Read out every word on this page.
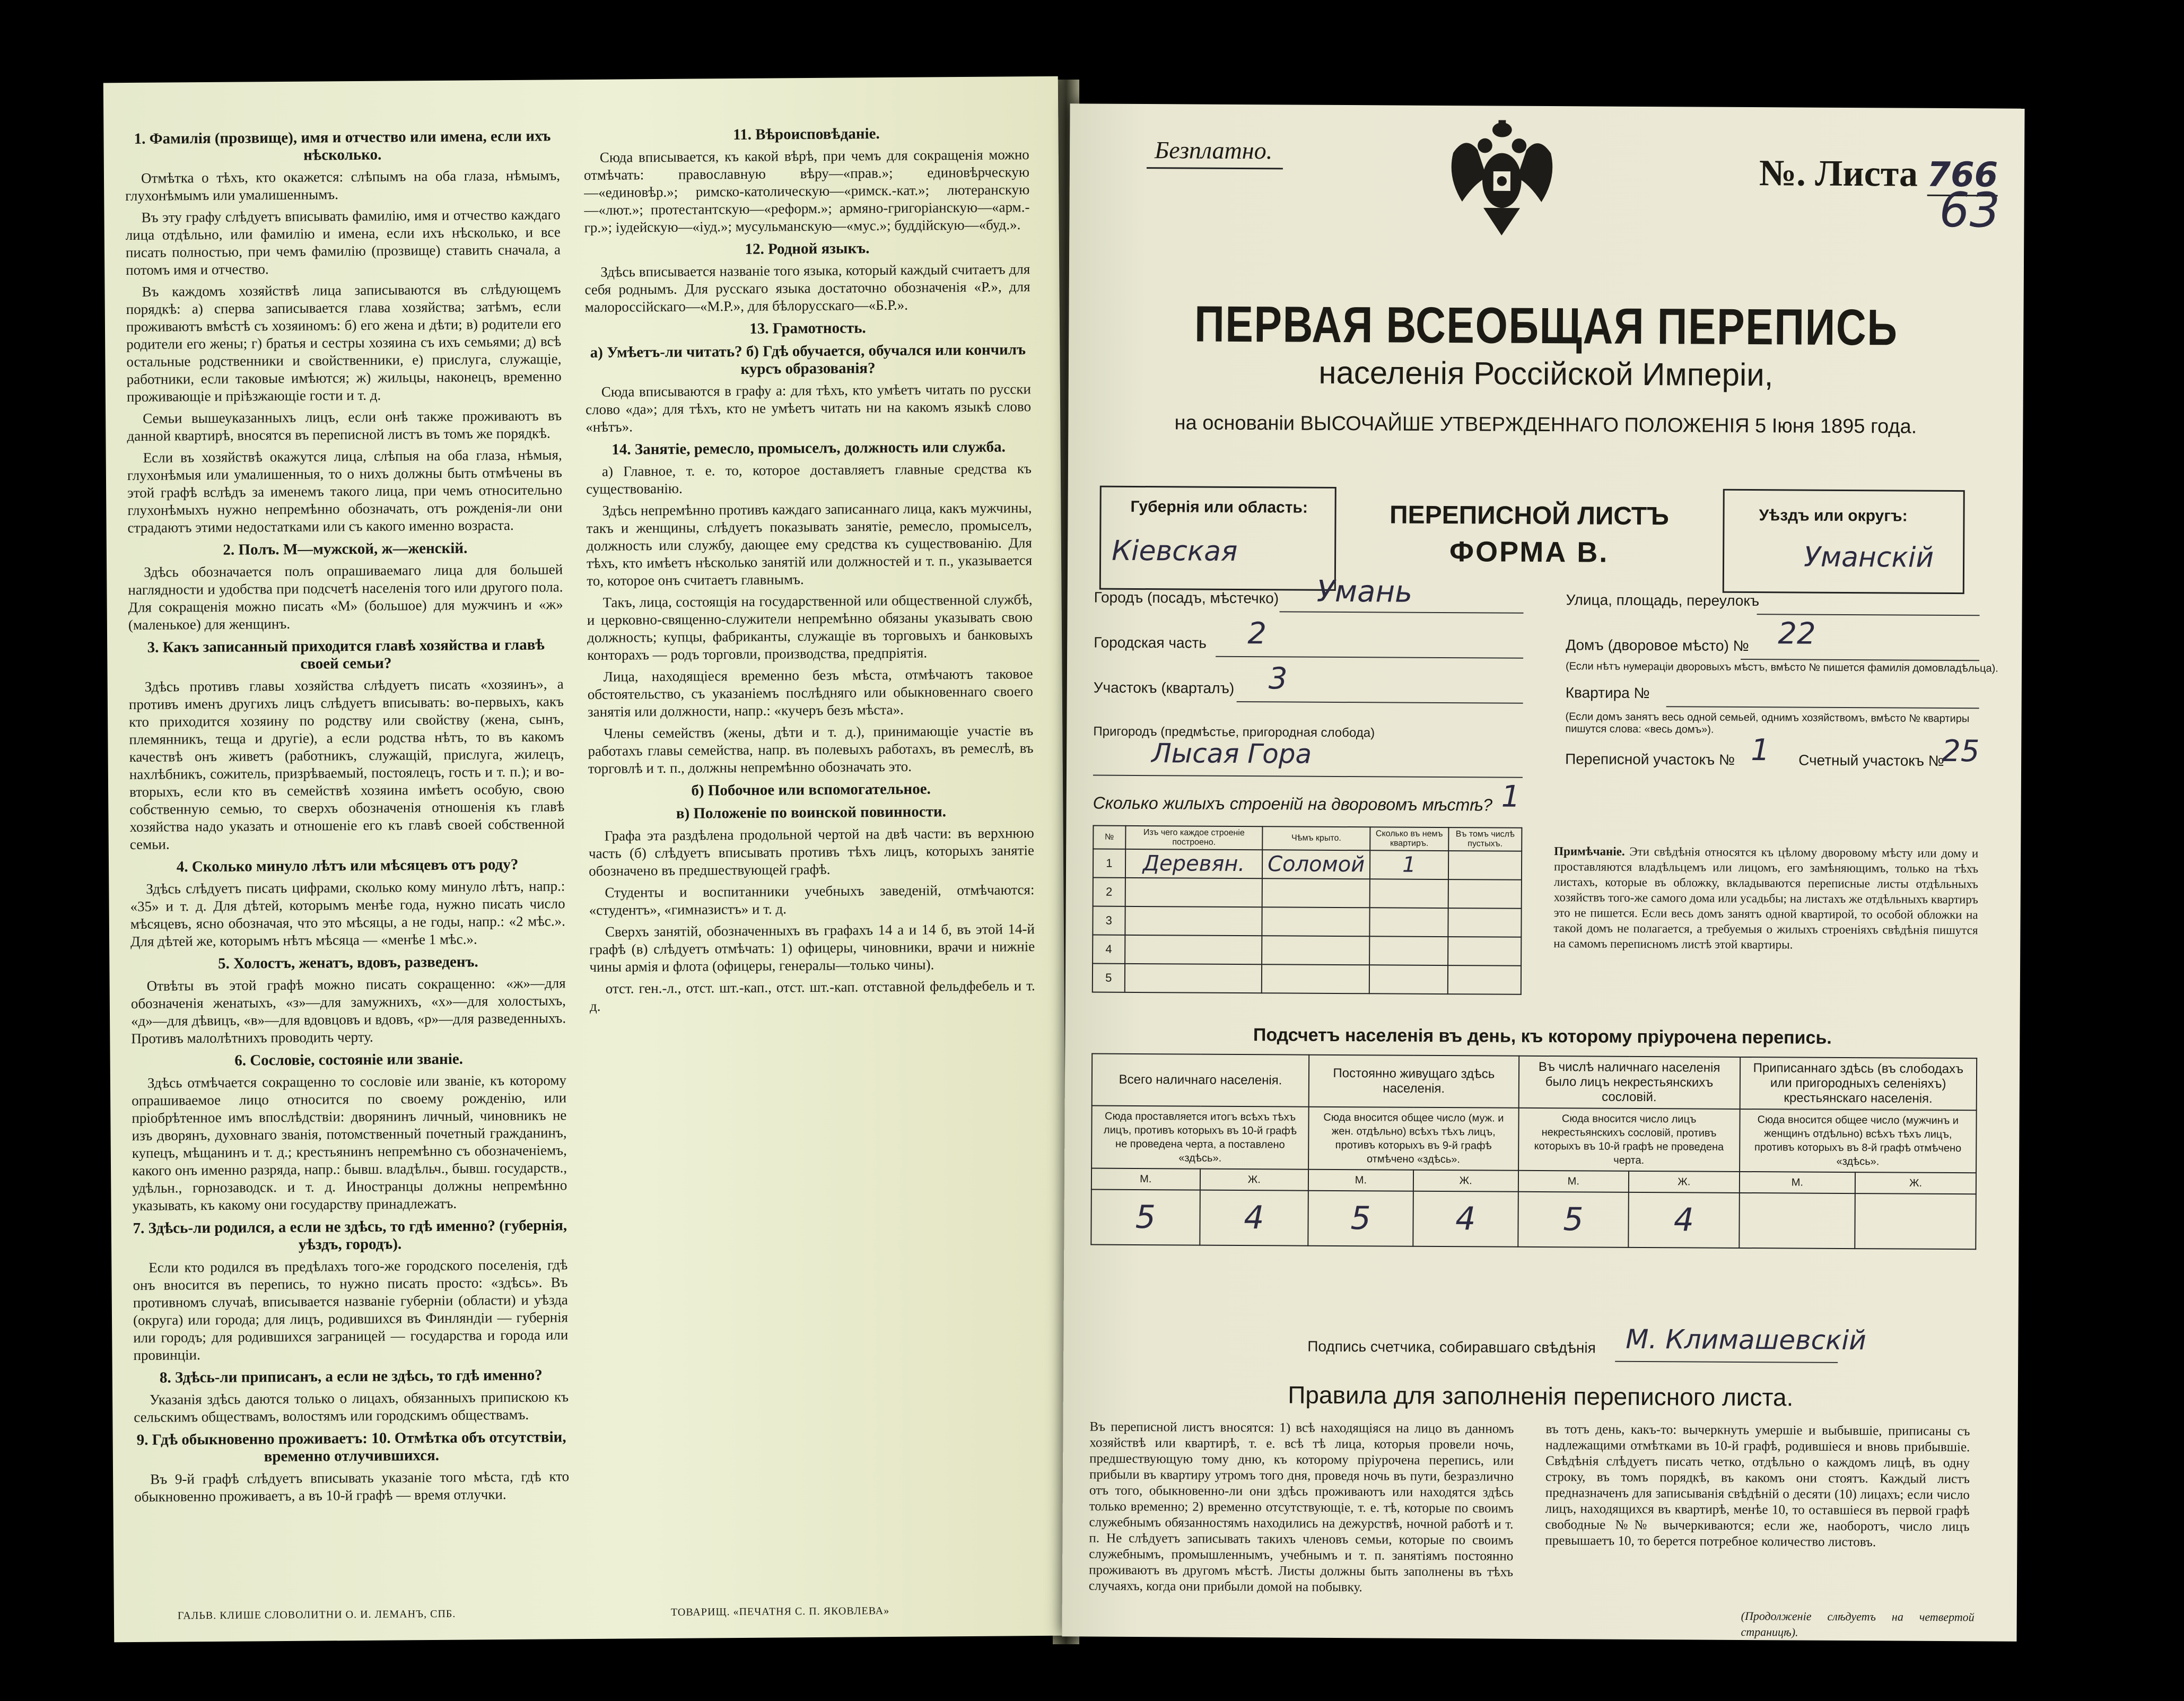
1. Фамилія (прозвище), имя и отчество или имена, если ихъ нѣсколько.

Отмѣтка о тѣхъ, кто окажется: слѣпымъ на оба глаза, нѣмымъ, глухонѣмымъ или умалишеннымъ.

Въ эту графу слѣдуетъ вписывать фамилію, имя и отчество каждаго лица отдѣльно, или фамилію и имена, если ихъ нѣсколько, и все писать полностью, при чемъ фамилію (прозвище) ставить сначала, а потомъ имя и отчество.

Въ каждомъ хозяйствѣ лица записываются въ слѣдующемъ порядкѣ: а) сперва записывается глава хозяйства; затѣмъ, если проживаютъ вмѣстѣ съ хозяиномъ: б) его жена и дѣти; в) родители его родители его жены; г) братья и сестры хозяина съ ихъ семьями; д) всѣ остальные родственники и свойственники, е) прислуга, служащіе, работники, если таковые имѣются; ж) жильцы, наконецъ, временно проживающіе и пріѣзжающіе гости и т. д.

Семьи вышеуказанныхъ лицъ, если онѣ также проживаютъ въ данной квартирѣ, вносятся въ переписной листъ въ томъ же порядкѣ.

Если въ хозяйствѣ окажутся лица, слѣпыя на оба глаза, нѣмыя, глухонѣмыя или умалишенныя, то о нихъ должны быть отмѣчены въ этой графѣ вслѣдъ за именемъ такого лица, при чемъ относительно глухонѣмыхъ нужно непремѣнно обозначать, отъ рожденія-ли они страдаютъ этими недостатками или съ какого именно возраста.

2. Полъ. М—мужской, ж—женскій.

Здѣсь обозначается полъ опрашиваемаго лица для большей наглядности и удобства при подсчетѣ населенія того или другого пола. Для сокращенія можно писать «М» (большое) для мужчинъ и «ж» (маленькое) для женщинъ.

3. Какъ записанный приходится главѣ хозяйства и главѣ своей семьи?

Здѣсь противъ главы хозяйства слѣдуетъ писать «хозяинъ», а противъ именъ другихъ лицъ слѣдуетъ вписывать: во-первыхъ, какъ кто приходится хозяину по родству или свойству (жена, сынъ, племянникъ, теща и другіе), а если родства нѣтъ, то въ какомъ качествѣ онъ живетъ (работникъ, служащій, прислуга, жилецъ, нахлѣбникъ, сожитель, призрѣваемый, постоялецъ, гость и т. п.); и во-вторыхъ, если кто въ семействѣ хозяина имѣетъ особую, свою собственную семью, то сверхъ обозначенія отношенія къ главѣ хозяйства надо указать и отношеніе его къ главѣ своей собственной семьи.

4. Сколько минуло лѣтъ или мѣсяцевъ отъ роду?

Здѣсь слѣдуетъ писать цифрами, сколько кому минуло лѣтъ, напр.: «35» и т. д. Для дѣтей, которымъ менѣе года, нужно писать число мѣсяцевъ, ясно обозначая, что это мѣсяцы, а не годы, напр.: «2 мѣс.». Для дѣтей же, которымъ нѣтъ мѣсяца — «менѣе 1 мѣс.».

5. Холостъ, женатъ, вдовъ, разведенъ.

Отвѣты въ этой графѣ можно писать сокращенно: «ж»—для обозначенія женатыхъ, «з»—для замужнихъ, «х»—для холостыхъ, «д»—для дѣвицъ, «в»—для вдовцовъ и вдовъ, «р»—для разведенныхъ. Противъ малолѣтнихъ проводить черту.

6. Сословіе, состояніе или званіе.

Здѣсь отмѣчается сокращенно то сословіе или званіе, къ которому опрашиваемое лицо относится по своему рожденію, или пріобрѣтенное имъ впослѣдствіи: дворянинъ личный, чиновникъ не изъ дворянъ, духовнаго званія, потомственный почетный гражданинъ, купецъ, мѣщанинъ и т. д.; крестьянинъ непремѣнно съ обозначеніемъ, какого онъ именно разряда, напр.: бывш. владѣльч., бывш. государств., удѣльн., горнозаводск. и т. д. Иностранцы должны непремѣнно указывать, къ какому они государству принадлежатъ.

7. Здѣсь-ли родился, а если не здѣсь, то гдѣ именно? (губернія, уѣздъ, городъ).

Если кто родился въ предѣлахъ того-же городского поселенія, гдѣ онъ вносится въ перепись, то нужно писать просто: «здѣсь». Въ противномъ случаѣ, вписывается названіе губерніи (области) и уѣзда (округа) или города; для лицъ, родившихся въ Финляндіи — губернія или городъ; для родившихся заграницей — государства и города или провинціи.

8. Здѣсь-ли приписанъ, а если не здѣсь, то гдѣ именно?

Указанія здѣсь даются только о лицахъ, обязанныхъ припискою къ сельскимъ обществамъ, волостямъ или городскимъ обществамъ.

9. Гдѣ обыкновенно проживаетъ: 10. Отмѣтка объ отсутствіи, временно отлучившихся.

Въ 9-й графѣ слѣдуетъ вписывать указаніе того мѣста, гдѣ кто обыкновенно проживаетъ, а въ 10-й графѣ — время отлучки.

11. Вѣроисповѣданіе.

Сюда вписывается, къ какой вѣрѣ, при чемъ для сокращенія можно отмѣчать: православную вѣру—«прав.»; единовѣрческую—«единовѣр.»; римско-католическую—«римск.-кат.»; лютеранскую—«лют.»; протестантскую—«реформ.»; армяно-григоріанскую—«арм.-гр.»; іудейскую—«іуд.»; мусульманскую—«мус.»; буддійскую—«буд.».

12. Родной языкъ.

Здѣсь вписывается названіе того языка, который каждый считаетъ для себя роднымъ. Для русскаго языка достаточно обозначенія «Р.», для малороссійскаго—«М.Р.», для бѣлорусскаго—«Б.Р.».

13. Грамотность.
а) Умѣетъ-ли читать? б) Гдѣ обучается, обучался или кончилъ курсъ образованія?

Сюда вписываются в графу а: для тѣхъ, кто умѣетъ читать по русски слово «да»; для тѣхъ, кто не умѣетъ читать ни на какомъ языкѣ слово «нѣтъ».

14. Занятіе, ремесло, промыселъ, должность или служба.

а) Главное, т. е. то, которое доставляетъ главные средства къ существованію.

Здѣсь непремѣнно противъ каждаго записаннаго лица, какъ мужчины, такъ и женщины, слѣдуетъ показывать занятіе, ремесло, промыселъ, должность или службу, дающее ему средства къ существованію. Для тѣхъ, кто имѣетъ нѣсколько занятій или должностей и т. п., указывается то, которое онъ считаетъ главнымъ.

Такъ, лица, состоящія на государственной или общественной службѣ, и церковно-священно-служители непремѣнно обязаны указывать свою должность; купцы, фабриканты, служащіе въ торговыхъ и банковыхъ конторахъ — родъ торговли, производства, предпріятія.

Лица, находящіеся временно безъ мѣста, отмѣчаютъ таковое обстоятельство, съ указаніемъ послѣдняго или обыкновеннаго своего занятія или должности, напр.: «кучеръ безъ мѣста».

Члены семействъ (жены, дѣти и т. д.), принимающіе участіе въ работахъ главы семейства, напр. въ полевыхъ работахъ, въ ремеслѣ, въ торговлѣ и т. п., должны непремѣнно обозначать это.

б) Побочное или вспомогательное.
в) Положеніе по воинской повинности.

Графа эта раздѣлена продольной чертой на двѣ части: въ верхнюю часть (б) слѣдуетъ вписывать противъ тѣхъ лицъ, которыхъ занятіе обозначено въ предшествующей графѣ.

Студенты и воспитанники учебныхъ заведеній, отмѣчаются: «студентъ», «гимназистъ» и т. д.

Сверхъ занятій, обозначенныхъ въ графахъ 14 а и 14 б, въ этой 14-й графѣ (в) слѣдуетъ отмѣчать: 1) офицеры, чиновники, врачи и нижніе чины армія и флота (офицеры, генералы—только чины).

отст. ген.-л., отст. шт.-кап., отст. шт.-кап. отставной фельдфебель и т. д.

ГАЛЬВ. КЛИШЕ СЛОВОЛИТНИ О. И. ЛЕМАНЪ, СПБ.	ТОВАРИЩ. «ПЕЧАТНЯ С. П. ЯКОВЛЕВА»
Безплатно.
№. Листа 766
63
ПЕРВАЯ ВСЕОБЩАЯ ПЕРЕПИСЬ
населенія Россійской Имперіи,
на основаніи ВЫСОЧАЙШЕ УТВЕРЖДЕННАГО ПОЛОЖЕНІЯ 5 Іюня 1895 года.
Губернія или область:
Кіевская
ПЕРЕПИСНОЙ ЛИСТЪ
ФОРМА В.
Уѣздъ или округъ:
Уманскій
Городъ (посадъ, мѣстечко) Умань
Городская часть 2
Участокъ (кварталъ) 3
Пригородъ (предмѣстье, пригородная слобода)
Лысая Гора
Улица, площадь, переулокъ
Домъ (дворовое мѣсто) № 22
(Если нѣтъ нумераціи дворовыхъ мѣстъ, вмѣсто № пишется фамилія домовладѣльца).
Квартира №
(Если домъ занятъ весь одной семьей, однимъ хозяйствомъ, вмѣсто № квартиры пишутся слова: «весь домъ»).
Переписной участокъ № 1 Счетный участокъ №
25
Сколько жилыхъ строеній на дворовомъ мѣстѣ? 1
№	Изъ чего каждое строеніе построено.	Чѣмъ крыто.	Сколько въ немъ квартиръ.	Въ томъ числѣ пустыхъ.
1	Деревян.	Соломой	1	
2				
3				
4				
5				
Примѣчаніе. Эти свѣдѣнія относятся къ цѣлому дворовому мѣсту или дому и проставляются владѣльцемъ или лицомъ, его замѣняющимъ, только на тѣхъ листахъ, которые въ обложку, вкладываются переписные листы отдѣльныхъ хозяйствъ того-же самого дома или усадьбы; на листахъ же отдѣльныхъ квартиръ это не пишется. Если весь домъ занятъ одной квартирой, то особой обложки на такой домъ не полагается, а требуемыя о жилыхъ строеніяхъ свѣдѣнія пишутся на самомъ переписномъ листѣ этой квартиры.
Подсчетъ населенія въ день, къ которому пріурочена перепись.
Всего наличнаго населенія.		Постоянно живущаго здѣсь населенія.		Въ числѣ наличнаго населенія было лицъ некрестьянскихъ сословій.		Приписаннаго здѣсь (въ слободахъ или пригородныхъ селеніяхъ) крестьянскаго населенія.	
Сюда проставляется итогъ всѣхъ тѣхъ лицъ, противъ которыхъ въ 10-й графѣ не проведена черта, а поставлено «здѣсь».		Сюда вносится общее число (муж. и жен. отдѣльно) всѣхъ тѣхъ лицъ, противъ которыхъ въ 9-й графѣ отмѣчено «здѣсь».		Сюда вносится число лицъ некрестьянскихъ сословій, противъ которыхъ въ 10-й графѣ не проведена черта.		Сюда вносится общее число (мужчинъ и женщинъ отдѣльно) всѣхъ тѣхъ лицъ, противъ которыхъ въ 8-й графѣ отмѣчено «здѣсь».	
М.	Ж.	М.	Ж.	М.	Ж.	М.	Ж.
5	4	5	4	5	4		
Подпись счетчика, собиравшаго свѣдѣнія М. Климашевскій
Правила для заполненія переписного листа.
Въ переписной листъ вносятся: 1) всѣ находящіяся на лицо въ данномъ хозяйствѣ или квартирѣ, т. е. всѣ тѣ лица, которыя провели ночь, предшествующую тому дню, къ которому пріурочена перепись, или прибыли въ квартиру утромъ того дня, проведя ночь въ пути, безразлично отъ того, обыкновенно-ли они здѣсь проживаютъ или находятся здѣсь только временно; 2) временно отсутствующіе, т. е. тѣ, которые по своимъ служебнымъ обязанностямъ находились на дежурствѣ, ночной работѣ и т. п. Не слѣдуетъ записывать такихъ членовъ семьи, которые по своимъ служебнымъ, промышленнымъ, учебнымъ и т. п. занятіямъ постоянно проживаютъ въ другомъ мѣстѣ. Листы должны быть заполнены въ тѣхъ случаяхъ, когда они прибыли домой на побывку.
въ тотъ день, какъ-то: вычеркнуть умершіе и выбывшіе, приписаны съ надлежащими отмѣтками въ 10-й графѣ, родившіеся и вновь прибывшіе. Свѣдѣнія слѣдуетъ писать четко, отдѣльно о каждомъ лицѣ, въ одну строку, въ томъ порядкѣ, въ какомъ они стоятъ. Каждый листъ предназначенъ для записыванія свѣдѣній о десяти (10) лицахъ; если число лицъ, находящихся въ квартирѣ, менѣе 10, то оставшіеся въ первой графѣ свободные №№ вычеркиваются; если же, наоборотъ, число лицъ превышаетъ 10, то берется потребное количество листовъ.
(Продолженіе слѣдуетъ на четвертой страницѣ).
